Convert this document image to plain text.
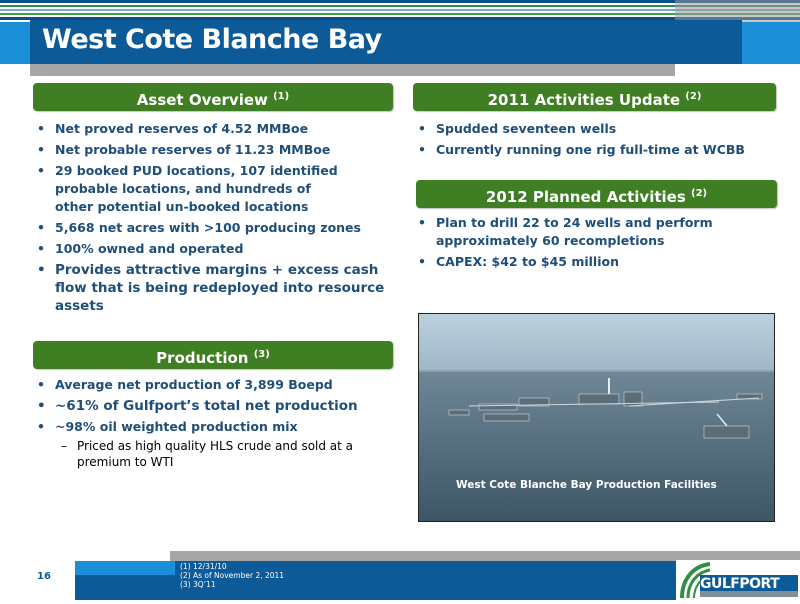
West Cote Blanche Bay
Asset Overview $^{(1)}$
• Net proved reserves of 4.52 MMBoe
• Net probable reserves of 11.23 MMBoe
• 29 booked PUD locations, 107 identified probable locations, and hundreds of other potential un-booked locations
• 5,668 net acres with >100 producing zones
• 100% owned and operated
• Provides attractive margins + excess cash flow that is being redeployed into resource assets
Production $^{(3)}$
• Average net production of 3,899 Boepd
• ~61% of Gulfport’s total net production
• ~98% oil weighted production mix
– Priced as high quality HLS crude and sold at a premium to WTI
2011 Activities Update $^{(2)}$
• Spudded seventeen wells
• Currently running one rig full-time at WCBB
2012 Planned Activities $^{(2)}$
• Plan to drill 22 to 24 wells and perform approximately 60 recompletions
• CAPEX: $42 to $45 million
West Cote Blanche Bay Production Facilities
16
(1) 12/31/10
(2) As of November 2, 2011
(3) 3Q’11	GULFPORT
